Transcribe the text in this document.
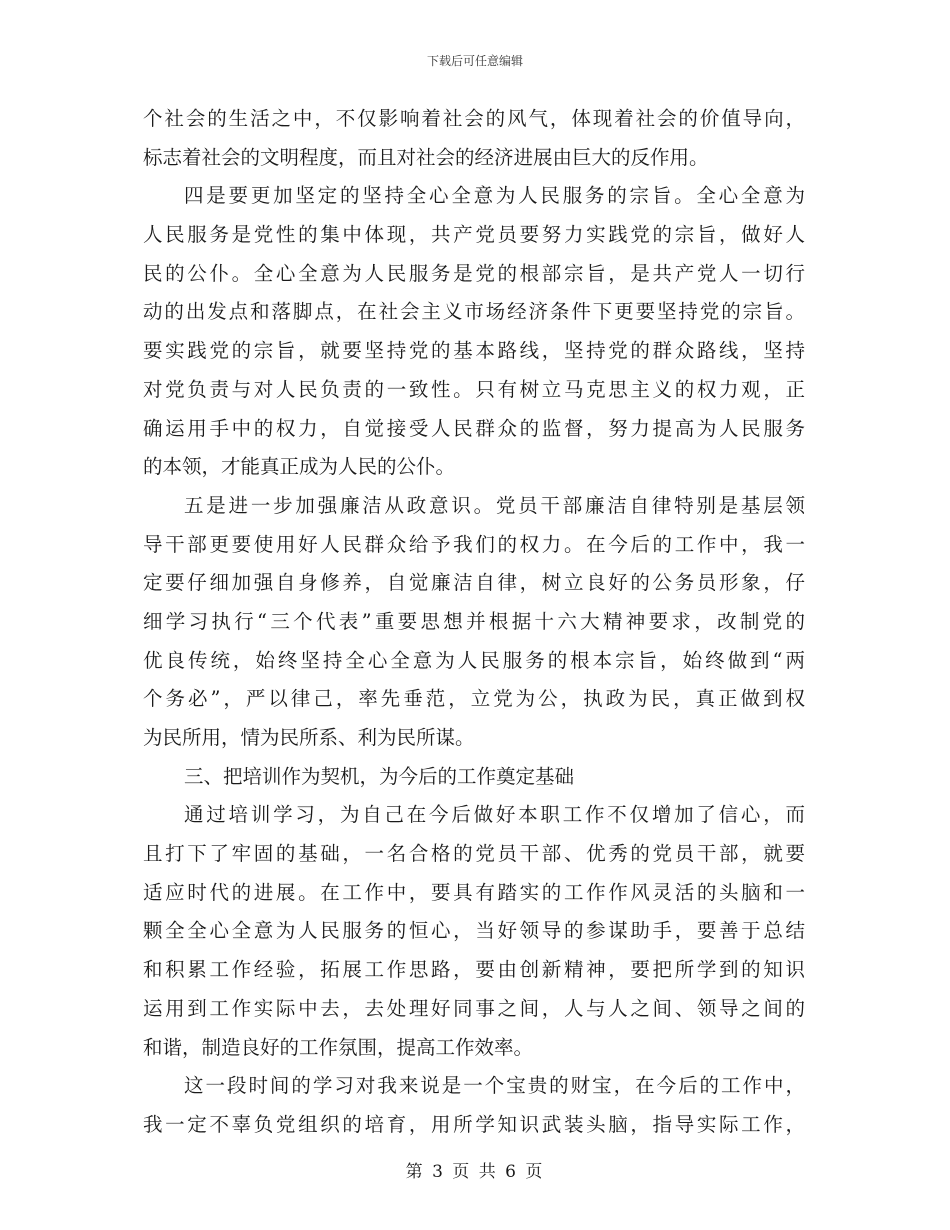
下载后可任意编辑
个社会的生活之中，不仅影响着社会的风气，体现着社会的价值导向，
标志着社会的文明程度，而且对社会的经济进展由巨大的反作用。
四是要更加坚定的坚持全心全意为人民服务的宗旨。全心全意为
人民服务是党性的集中体现，共产党员要努力实践党的宗旨，做好人
民的公仆。全心全意为人民服务是党的根部宗旨，是共产党人一切行
动的出发点和落脚点，在社会主义市场经济条件下更要坚持党的宗旨。
要实践党的宗旨，就要坚持党的基本路线，坚持党的群众路线，坚持
对党负责与对人民负责的一致性。只有树立马克思主义的权力观，正
确运用手中的权力，自觉接受人民群众的监督，努力提高为人民服务
的本领，才能真正成为人民的公仆。
五是进一步加强廉洁从政意识。党员干部廉洁自律特别是基层领
导干部更要使用好人民群众给予我们的权力。在今后的工作中，我一
定要仔细加强自身修养，自觉廉洁自律，树立良好的公务员形象，仔
细学习执行“三个代表”重要思想并根据十六大精神要求，改制党的
优良传统，始终坚持全心全意为人民服务的根本宗旨，始终做到“两
个务必”，严以律己，率先垂范，立党为公，执政为民，真正做到权
为民所用，情为民所系、利为民所谋。
三、把培训作为契机，为今后的工作奠定基础
通过培训学习，为自己在今后做好本职工作不仅增加了信心，而
且打下了牢固的基础，一名合格的党员干部、优秀的党员干部，就要
适应时代的进展。在工作中，要具有踏实的工作作风灵活的头脑和一
颗全全心全意为人民服务的恒心，当好领导的参谋助手，要善于总结
和积累工作经验，拓展工作思路，要由创新精神，要把所学到的知识
运用到工作实际中去，去处理好同事之间，人与人之间、领导之间的
和谐，制造良好的工作氛围，提高工作效率。
这一段时间的学习对我来说是一个宝贵的财宝，在今后的工作中，
我一定不辜负党组织的培育，用所学知识武装头脑，指导实际工作，
第 3 页 共 6 页
